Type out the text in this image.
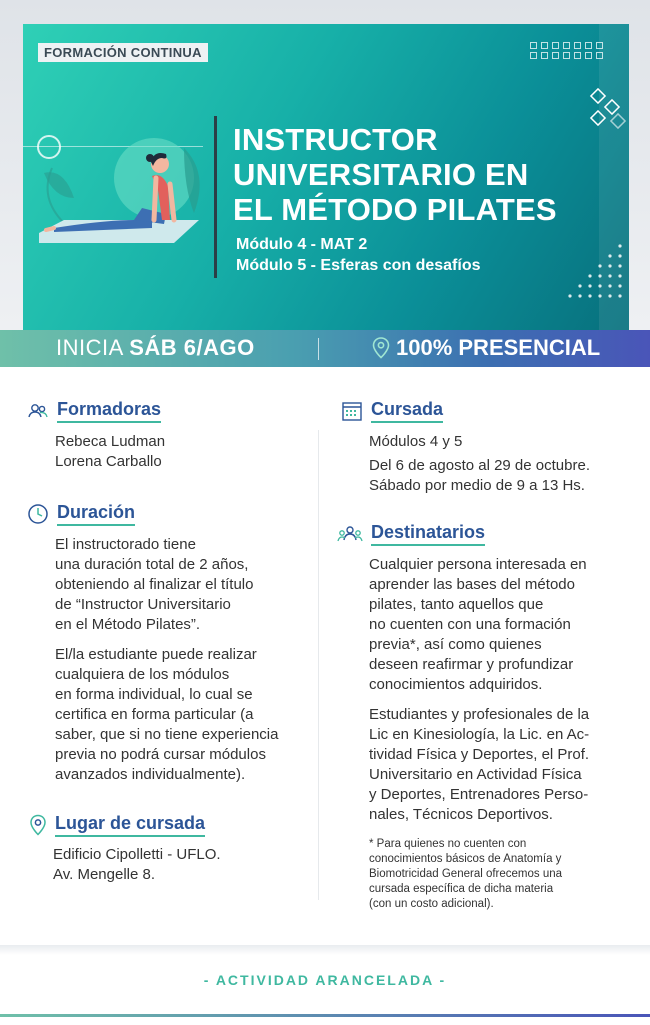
FORMACIÓN CONTINUA
INSTRUCTOR
UNIVERSITARIO EN
EL MÉTODO PILATES
Módulo 4 - MAT 2
Módulo 5 - Esferas con desafíos
INICIA SÁB 6/AGO	100% PRESENCIAL
Formadoras
Rebeca Ludman
Lorena Carballo
Duración

El instructorado tiene
una duración total de 2 años,
obteniendo al finalizar el título
de “Instructor Universitario
en el Método Pilates”.

El/la estudiante puede realizar
cualquiera de los módulos
en forma individual, lo cual se
certifica en forma particular (a
saber, que si no tiene experiencia
previa no podrá cursar módulos
avanzados individualmente).

Lugar de cursada
Edificio Cipolletti - UFLO.
Av. Mengelle 8.
Cursada
Módulos 4 y 5
Del 6 de agosto al 29 de octubre.
Sábado por medio de 9 a 13 Hs.
Destinatarios

Cualquier persona interesada en
aprender las bases del método
pilates, tanto aquellos que
no cuenten con una formación
previa*, así como quienes
deseen reafirmar y profundizar
conocimientos adquiridos.

Estudiantes y profesionales de la
Lic en Kinesiología, la Lic. en Ac-
tividad Física y Deportes, el Prof.
Universitario en Actividad Física
y Deportes, Entrenadores Perso-
nales, Técnicos Deportivos.

* Para quienes no cuenten con
conocimientos básicos de Anatomía y
Biomotricidad General ofrecemos una
cursada específica de dicha materia
(con un costo adicional).
- ACTIVIDAD ARANCELADA -
